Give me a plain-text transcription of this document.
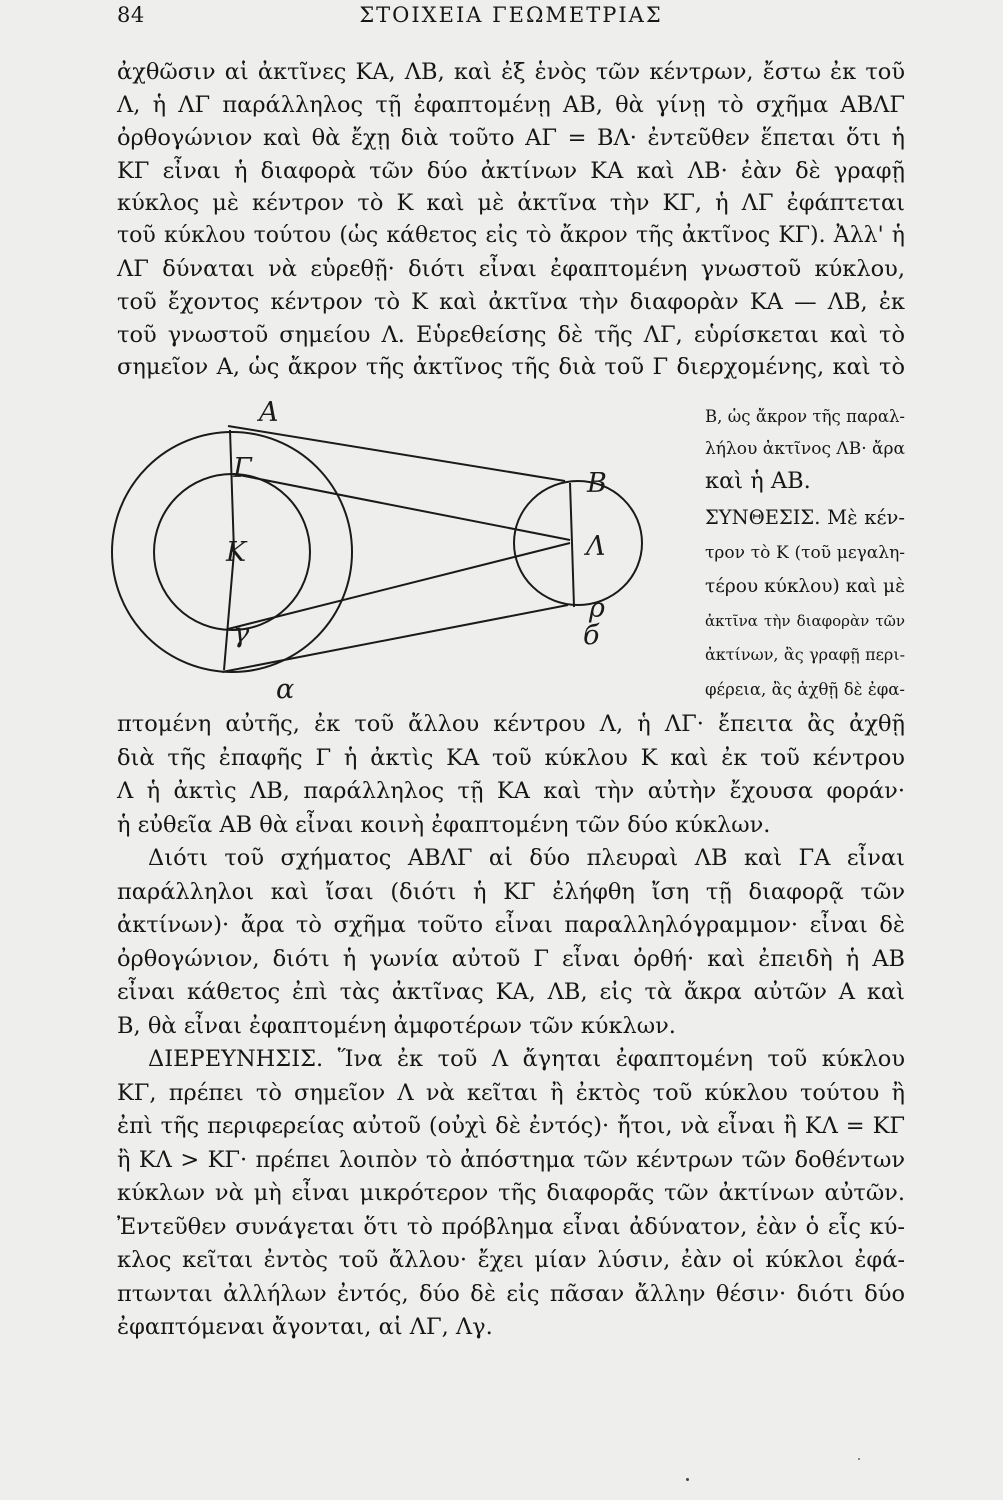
84	ΣΤΟΙΧΕΙΑ ΓΕΩΜΕΤΡΙΑΣ
ἀχθῶσιν αἱ ἀκτῖνες ΚΑ, ΛΒ, καὶ ἐξ ἑνὸς τῶν κέντρων, ἔστω ἐκ τοῦ
Λ, ἡ ΛΓ παράλληλος τῇ ἐφαπτομένῃ ΑΒ, θὰ γίνῃ τὸ σχῆμα ΑΒΛΓ
ὀρθογώνιον καὶ θὰ ἔχῃ διὰ τοῦτο ΑΓ = ΒΛ· ἐντεῦθεν ἕπεται ὅτι ἡ
ΚΓ εἶναι ἡ διαφορὰ τῶν δύο ἀκτίνων ΚΑ καὶ ΛΒ· ἐὰν δὲ γραφῇ
κύκλος μὲ κέντρον τὸ Κ καὶ μὲ ἀκτῖνα τὴν ΚΓ, ἡ ΛΓ ἐφάπτεται
τοῦ κύκλου τούτου (ὡς κάθετος εἰς τὸ ἄκρον τῆς ἀκτῖνος ΚΓ). Ἀλλ' ἡ
ΛΓ δύναται νὰ εὑρεθῇ· διότι εἶναι ἐφαπτομένη γνωστοῦ κύκλου,
τοῦ ἔχοντος κέντρον τὸ Κ καὶ ἀκτῖνα τὴν διαφορὰν ΚΑ — ΛΒ, ἐκ
τοῦ γνωστοῦ σημείου Λ. Εὑρεθείσης δὲ τῆς ΛΓ, εὑρίσκεται καὶ τὸ
σημεῖον Α, ὡς ἄκρον τῆς ἀκτῖνος τῆς διὰ τοῦ Γ διερχομένης, καὶ τὸ
Β, ὡς ἄκρον τῆς παραλ-
λήλου ἀκτῖνος ΛΒ· ἄρα
καὶ ἡ ΑΒ.
ΣΥΝΘΕΣΙΣ. Μὲ κέν-
τρον τὸ Κ (τοῦ μεγαλη-
τέρου κύκλου) καὶ μὲ
ἀκτῖνα τὴν διαφορὰν τῶν
ἀκτίνων, ἂς γραφῇ περι-
φέρεια, ἂς ἀχθῇ δὲ ἐφα-
Α
Γ
Κ
γ
α
Β
Λ
ρ
б
πτομένη αὐτῆς, ἐκ τοῦ ἄλλου κέντρου Λ, ἡ ΛΓ· ἔπειτα ἂς ἀχθῇ
διὰ τῆς ἐπαφῆς Γ ἡ ἀκτὶς ΚΑ τοῦ κύκλου Κ καὶ ἐκ τοῦ κέντρου
Λ ἡ ἀκτὶς ΛΒ, παράλληλος τῇ ΚΑ καὶ τὴν αὐτὴν ἔχουσα φοράν·
ἡ εὐθεῖα ΑΒ θὰ εἶναι κοινὴ ἐφαπτομένη τῶν δύο κύκλων.
Διότι τοῦ σχήματος ΑΒΛΓ αἱ δύο πλευραὶ ΛΒ καὶ ΓΑ εἶναι
παράλληλοι καὶ ἴσαι (διότι ἡ ΚΓ ἐλήφθη ἴση τῇ διαφορᾷ τῶν
ἀκτίνων)· ἄρα τὸ σχῆμα τοῦτο εἶναι παραλληλόγραμμον· εἶναι δὲ
ὀρθογώνιον, διότι ἡ γωνία αὐτοῦ Γ εἶναι ὀρθή· καὶ ἐπειδὴ ἡ ΑΒ
εἶναι κάθετος ἐπὶ τὰς ἀκτῖνας ΚΑ, ΛΒ, εἰς τὰ ἄκρα αὐτῶν Α καὶ
Β, θὰ εἶναι ἐφαπτομένη ἀμφοτέρων τῶν κύκλων.
ΔΙΕΡΕΥΝΗΣΙΣ. Ἵνα ἐκ τοῦ Λ ἄγηται ἐφαπτομένη τοῦ κύκλου
ΚΓ, πρέπει τὸ σημεῖον Λ νὰ κεῖται ἢ ἐκτὸς τοῦ κύκλου τούτου ἢ
ἐπὶ τῆς περιφερείας αὐτοῦ (οὐχὶ δὲ ἐντός)· ἤτοι, νὰ εἶναι ἢ ΚΛ = ΚΓ
ἢ ΚΛ > ΚΓ· πρέπει λοιπὸν τὸ ἀπόστημα τῶν κέντρων τῶν δοθέντων
κύκλων νὰ μὴ εἶναι μικρότερον τῆς διαφορᾶς τῶν ἀκτίνων αὐτῶν.
Ἐντεῦθεν συνάγεται ὅτι τὸ πρόβλημα εἶναι ἀδύνατον, ἐὰν ὁ εἷς κύ-
κλος κεῖται ἐντὸς τοῦ ἄλλου· ἔχει μίαν λύσιν, ἐὰν οἱ κύκλοι ἐφά-
πτωνται ἀλλήλων ἐντός, δύο δὲ εἰς πᾶσαν ἄλλην θέσιν· διότι δύο
ἐφαπτόμεναι ἄγονται, αἱ ΛΓ, Λγ.
